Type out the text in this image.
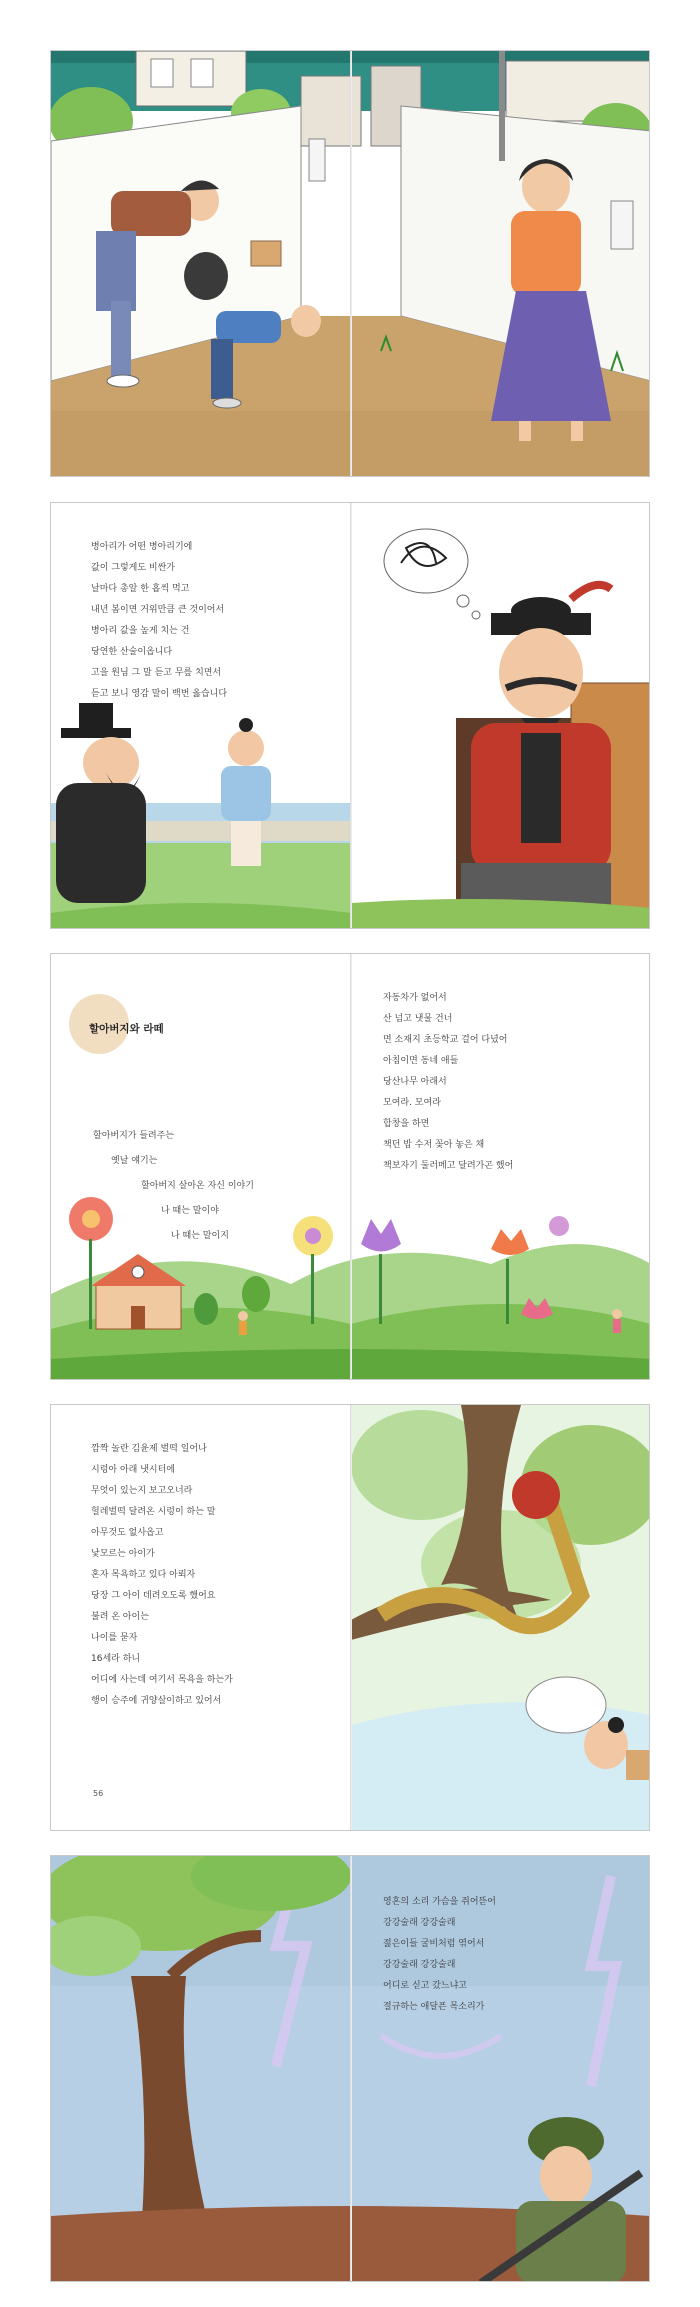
병아리가 어떤 병아리기에

값이 그렇게도 비싼가

날마다 총알 한 홉씩 먹고

내년 봄이면 거위만큼 큰 것이어서

병아리 값을 높게 치는 건

당연한 산술이옵니다

고을 원님 그 말 듣고 무릎 치면서

듣고 보니 영감 말이 백번 옳습니다

할아버지와 라떼

할아버지가 들려주는

옛날 얘기는

할아버지 살아온 자신 이야기

나 때는 말이야

나 때는 말이지

자동차가 없어서

산 넘고 냇물 건너

면 소재지 초등학교 걸어 다녔어

아침이면 동네 애들

당산나무 아래서

모여라. 모여라

합창을 하면

책던 밥 수저 꽂아 놓은 채

책보자기 둘러메고 달려가곤 했어

깜짝 놀란 김윤제 벌떡 일어나

시렁아 아래 냇시터에

무엇이 있는지 보고오너라

헐레벌떡 달려온 시렁이 하는 말

아무것도 없사옵고

낯모르는 아이가

혼자 목욕하고 있다 아뢰자

당장 그 아이 데려오도록 했어요

불려 온 아이는

나이를 묻자

16세라 하니

어디에 사는데 여기서 목욕을 하는가

행이 승주에 귀양살이하고 있어서

56

영혼의 소리 가슴을 쥐어뜯어

강강술래 강강술래

젊은이들 굴비처럼 엮어서

강강술래 강강술래

어디로 싣고 갔느냐고

절규하는 애달픈 목소리가
